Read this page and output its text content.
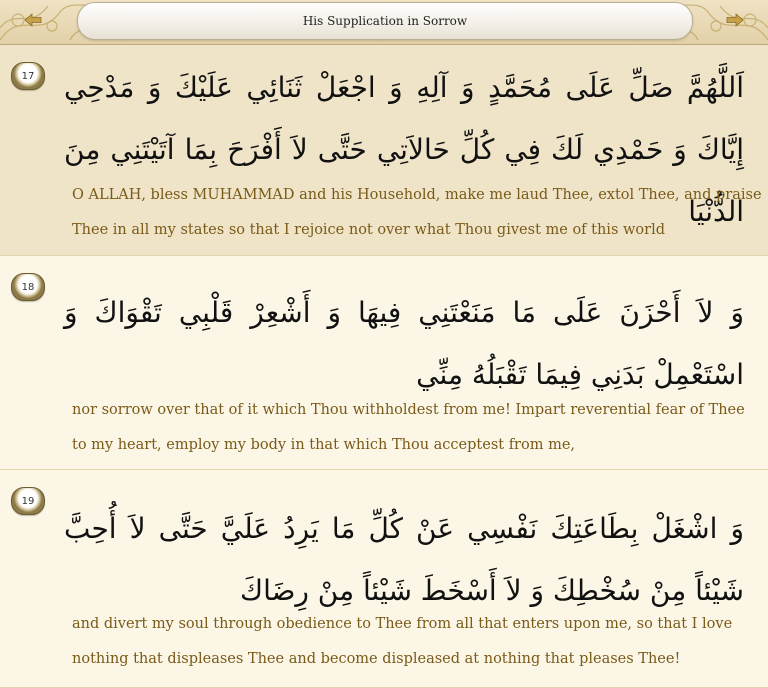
His Supplication in Sorrow
17	اَللَّهُمَّ صَلِّ عَلَى مُحَمَّدٍ وَ آلِهِ وَ اجْعَلْ ثَنَائِي عَلَيْكَ وَ مَدْحِي إِيَّاكَ وَ حَمْدِي لَكَ فِي كُلِّ حَالاَتِي حَتَّى لاَ أَفْرَحَ بِمَا آتَيْتَنِي مِنَ الدُّنْيَا
O ALLAH, bless MUHAMMAD and his Household, make me laud Thee, extol Thee, and praise Thee in all my states so that I rejoice not over what Thou givest me of this world
18
وَ لاَ أَحْزَنَ عَلَى مَا مَنَعْتَنِي فِيهَا وَ أَشْعِرْ قَلْبِي تَقْوَاكَ وَ اسْتَعْمِلْ بَدَنِي فِيمَا تَقْبَلُهُ مِنِّي
nor sorrow over that of it which Thou withholdest from me! Impart reverential fear of Thee to my heart, employ my body in that which Thou acceptest from me,
19
وَ اشْغَلْ بِطَاعَتِكَ نَفْسِي عَنْ كُلِّ مَا يَرِدُ عَلَيَّ حَتَّى لاَ أُحِبَّ شَيْئاً مِنْ سُخْطِكَ وَ لاَ أَسْخَطَ شَيْئاً مِنْ رِضَاكَ
and divert my soul through obedience to Thee from all that enters upon me, so that I love nothing that displeases Thee and become displeased at nothing that pleases Thee!
